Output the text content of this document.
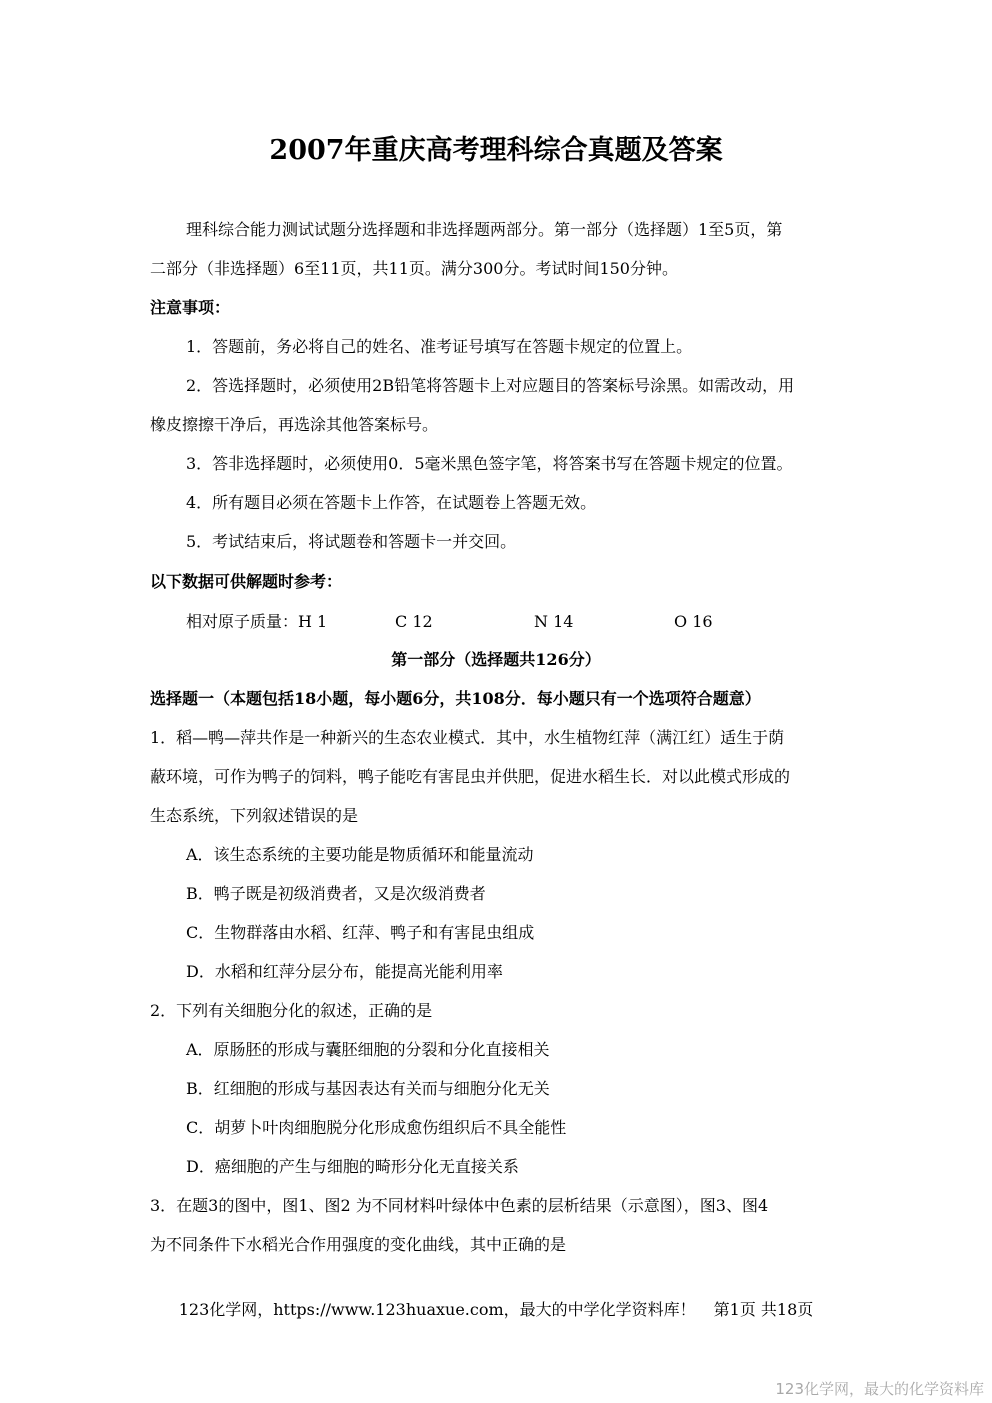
2007年重庆高考理科综合真题及答案

理科综合能力测试试题分选择题和非选择题两部分。第一部分（选择题）1至5页，第

二部分（非选择题）6至11页，共11页。满分300分。考试时间150分钟。

注意事项：

1．答题前，务必将自己的姓名、准考证号填写在答题卡规定的位置上。

2．答选择题时，必须使用2B铅笔将答题卡上对应题目的答案标号涂黑。如需改动，用

橡皮擦擦干净后，再选涂其他答案标号。

3．答非选择题时，必须使用0．5毫米黑色签字笔，将答案书写在答题卡规定的位置。

4．所有题目必须在答题卡上作答，在试题卷上答题无效。

5．考试结束后，将试题卷和答题卡一并交回。

以下数据可供解题时参考：

相对原子质量：H 1	C 12	N 14	O 16

第一部分（选择题共126分）

选择题一（本题包括18小题，每小题6分，共108分．每小题只有一个选项符合题意）

1．稻—鸭—萍共作是一种新兴的生态农业模式．其中，水生植物红萍（满江红）适生于荫

蔽环境，可作为鸭子的饲料，鸭子能吃有害昆虫并供肥，促进水稻生长．对以此模式形成的

生态系统，下列叙述错误的是

A．该生态系统的主要功能是物质循环和能量流动

B．鸭子既是初级消费者，又是次级消费者

C．生物群落由水稻、红萍、鸭子和有害昆虫组成

D．水稻和红萍分层分布，能提高光能利用率

2．下列有关细胞分化的叙述，正确的是

A．原肠胚的形成与囊胚细胞的分裂和分化直接相关

B．红细胞的形成与基因表达有关而与细胞分化无关

C．胡萝卜叶肉细胞脱分化形成愈伤组织后不具全能性

D．癌细胞的产生与细胞的畸形分化无直接关系

3．在题3的图中，图1、图2 为不同材料叶绿体中色素的层析结果（示意图），图3、图4

为不同条件下水稻光合作用强度的变化曲线，其中正确的是

123化学网，https://www.123huaxue.com，最大的中学化学资料库！ 第1页 共18页
123化学网，最大的化学资料库
